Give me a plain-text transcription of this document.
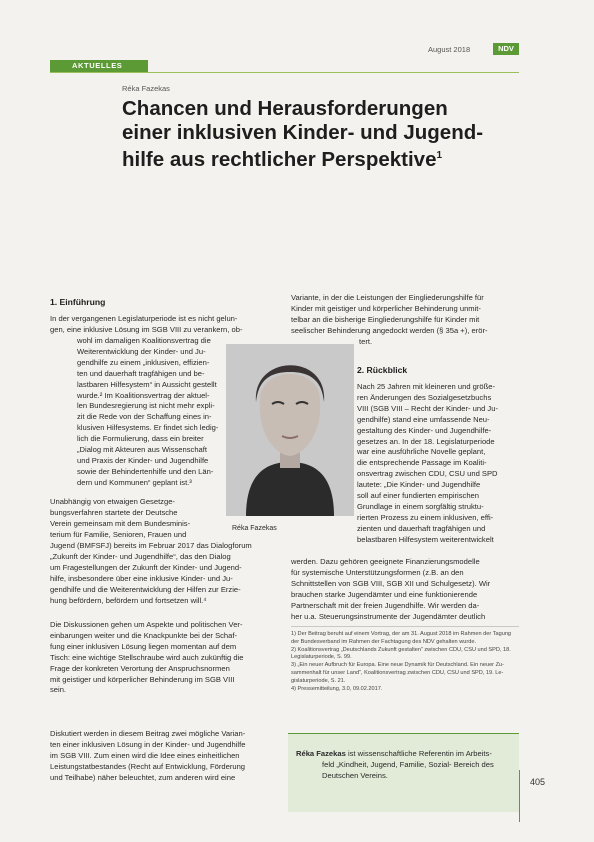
August 2018	NDV
AKTUELLES
Réka Fazekas
Chancen und Herausforderungen
einer inklusiven Kinder- und Jugend-
hilfe aus rechtlicher Perspektive$^1$
1. Einführung
In der vergangenen Legislaturperiode ist es nicht gelun-
gen, eine inklusive Lösung im SGB VIII zu verankern, ob-
wohl im damaligen Koalitionsvertrag die
Weiterentwicklung der Kinder- und Ju-
gendhilfe zu einem „inklusiven, effizien-
ten und dauerhaft tragfähigen und be-
lastbaren Hilfesystem“ in Aussicht gestellt
wurde.² Im Koalitionsvertrag der aktuel-
len Bundesregierung ist nicht mehr expli-
zit die Rede von der Schaffung eines in-
klusiven Hilfesystems. Er findet sich ledig-
lich die Formulierung, dass ein breiter
„Dialog mit Akteuren aus Wissenschaft
und Praxis der Kinder- und Jugendhilfe
sowie der Behindertenhilfe und den Län-
dern und Kommunen“ geplant ist.³
Unabhängig von etwaigen Gesetzge-
bungsverfahren startete der Deutsche
Verein gemeinsam mit dem Bundesminis-
terium für Familie, Senioren, Frauen und
Jugend (BMFSFJ) bereits im Februar 2017 das Dialogforum
„Zukunft der Kinder- und Jugendhilfe“, das den Dialog
um Fragestellungen der Zukunft der Kinder- und Jugend-
hilfe, insbesondere über eine inklusive Kinder- und Ju-
gendhilfe und die Weiterentwicklung der Hilfen zur Erzie-
hung befördern, befördern und fortsetzen will.⁴
Die Diskussionen gehen um Aspekte und politischen Ver-
einbarungen weiter und die Knackpunkte bei der Schaf-
fung einer inklusiven Lösung liegen momentan auf dem
Tisch: eine wichtige Stellschraube wird auch zukünftig die
Frage der konkreten Verortung der Anspruchsnormen
mit geistiger und körperlicher Behinderung im SGB VIII
sein.
Diskutiert werden in diesem Beitrag zwei mögliche Varian-
ten einer inklusiven Lösung in der Kinder- und Jugendhilfe
im SGB VIII. Zum einen wird die Idee eines einheitlichen
Leistungstatbestandes (Recht auf Entwicklung, Förderung
und Teilhabe) näher beleuchtet, zum anderen wird eine
Réka Fazekas
Variante, in der die Leistungen der Eingliederungshilfe für
Kinder mit geistiger und körperlicher Behinderung unmit-
telbar an die bisherige Eingliederungshilfe für Kinder mit
seelischer Behinderung angedockt werden (§ 35a +), erör-
tert.
2. Rückblick
Nach 25 Jahren mit kleineren und größe-
ren Änderungen des Sozialgesetzbuchs
VIII (SGB VIII – Recht der Kinder- und Ju-
gendhilfe) stand eine umfassende Neu-
gestaltung des Kinder- und Jugendhilfe-
gesetzes an. In der 18. Legislaturperiode
war eine ausführliche Novelle geplant,
die entsprechende Passage im Koaliti-
onsvertrag zwischen CDU, CSU und SPD
lautete: „Die Kinder- und Jugendhilfe
soll auf einer fundierten empirischen
Grundlage in einem sorgfältig struktu-
rierten Prozess zu einem inklusiven, effi-
zienten und dauerhaft tragfähigen und
belastbaren Hilfesystem weiterentwickelt
werden. Dazu gehören geeignete Finanzierungsmodelle
für systemische Unterstützungsformen (z.B. an den
Schnittstellen von SGB VIII, SGB XII und Schulgesetz). Wir
brauchen starke Jugendämter und eine funktionierende
Partnerschaft mit der freien Jugendhilfe. Wir werden da-
her u.a. Steuerungsinstrumente der Jugendämter deutlich
1) Der Beitrag beruht auf einem Vortrag, der am 31. August 2018 im Rahmen der Tagung
der Bundesverband im Rahmen der Fachtagung des NDV gehalten wurde.
2) Koalitionsvertrag „Deutschlands Zukunft gestalten“ zwischen CDU, CSU und SPD, 18.
Legislaturperiode, S. 99.
3) „Ein neuer Aufbruch für Europa. Eine neue Dynamik für Deutschland. Ein neuer Zu-
sammenhalt für unser Land“, Koalitionsvertrag zwischen CDU, CSU und SPD, 19. Le-
gislaturperiode, S. 21.
4) Pressemitteilung, 3.0, 09.02.2017.
Réka Fazekas ist wissenschaftliche Referentin im Arbeits-
feld „Kindheit, Jugend, Familie, Sozial- Bereich des
Deutschen Vereins.
405
